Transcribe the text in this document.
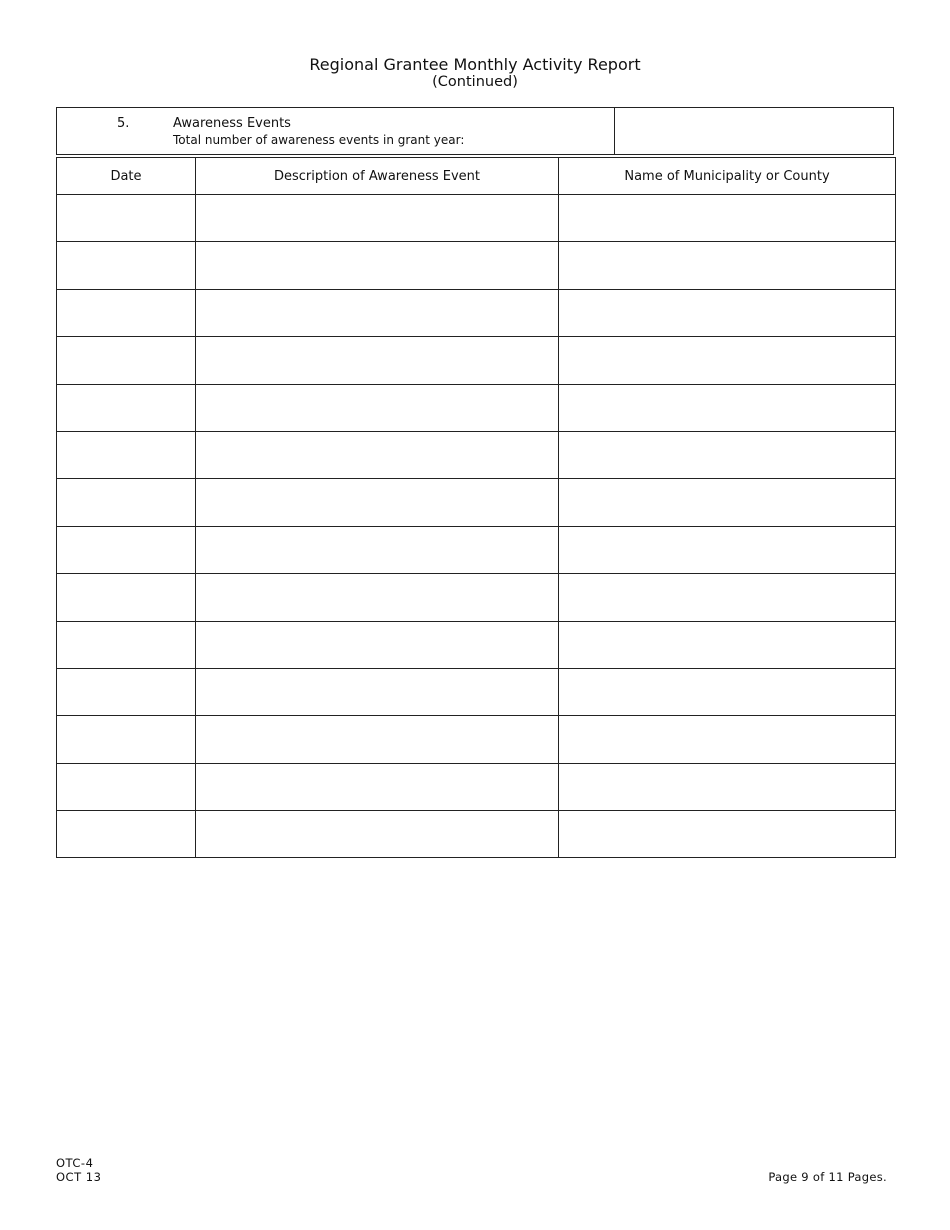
Regional Grantee Monthly Activity Report
(Continued)
5.	Awareness Events
Total number of awareness events in grant year:
Date	Description of Awareness Event	Name of Municipality or County

OTC-4
OCT 13	Page 9 of 11 Pages.
